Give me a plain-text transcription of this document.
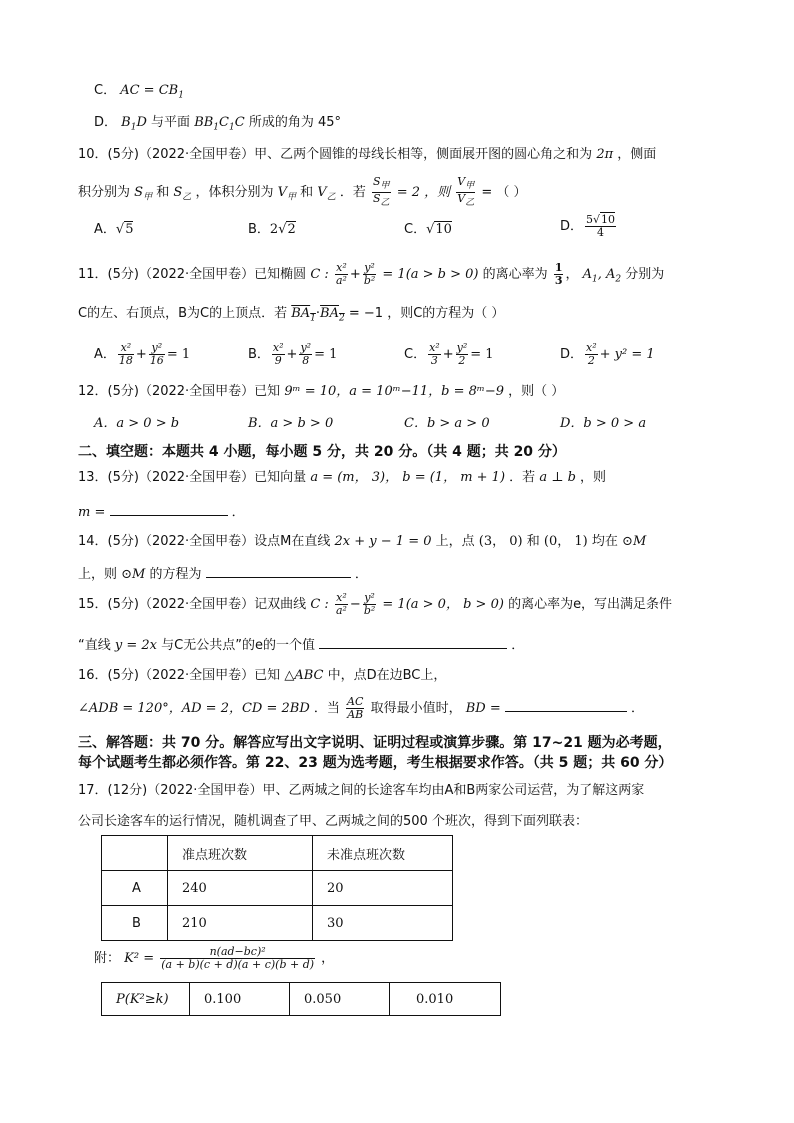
C． AC = $CB_1$
D． $B_1D$ 与平面 $BB_1C_1C$ 所成的角为 45°
10．(5分)（2022·全国甲卷）甲、乙两个圆锥的母线长相等，侧面展开图的圆心角之和为 2π ，侧面
积分别为 $S_甲$ 和 $S_乙$ ，体积分别为 $V_甲$ 和 $V_乙$ ．若 $\frac{S_甲}{S_乙} = 2$ ，则 $\frac{V_甲}{V_乙}$ = （ ）
A．√5	B．2√2	C．√10	D． $\frac{5√10}{4}$
11．(5分)（2022·全国甲卷）已知椭圆 C : $\frac{\text{x²}}{\text{a²}} + \frac{\text{y²}}{\text{b²}} = 1(a > b > 0)$ 的离心率为 $\frac{1}{3}$ ， $A_1$, $A_2$ 分别为
C的左、右顶点，B为C的上顶点．若 $BA_1\cdot BA_2 = -1$ ，则C的方程为（ ）
A． $\frac{\text{x²}}{18} + \frac{\text{y²}}{16} = 1$	B． $\frac{\text{x²}}{9} + \frac{\text{y²}}{8} = 1$	C． $\frac{\text{x²}}{3} + \frac{\text{y²}}{2} = 1$	D． $\frac{\text{x²}}{2} + y^2 = 1$
12．(5分)（2022·全国甲卷）已知 9ᵐ = 10，a = 10ᵐ−11，b = 8ᵐ−9 ，则（ ）
A．a > 0 > b	B．a > b > 0	C．b > a > 0	D．b > 0 > a
二、填空题：本题共 4 小题，每小题 5 分，共 20 分。（共 4 题；共 20 分）
13．(5分)（2022·全国甲卷）已知向量 a = (m， 3)， b = (1， m + 1) ．若 a ⊥ b ，则
m =	．
14．(5分)（2022·全国甲卷）设点M在直线 2x + y − 1 = 0 上，点 (3， 0) 和 (0， 1) 均在 ⊙M
上，则 ⊙M 的方程为	．
15．(5分)（2022·全国甲卷）记双曲线 C : $\frac{\text{x²}}{\text{a²}} - \frac{\text{y²}}{\text{b²}} = 1(a > 0$， b > 0) 的离心率为e，写出满足条件
“直线 y = 2x 与C无公共点”的e的一个值	．
16．(5分)（2022·全国甲卷）已知 △ABC 中，点D在边BC上，
∠ADB = 120°，AD = 2，CD = 2BD ．当 $\frac{AC}{AB}$ 取得最小值时， BD =	．
三、解答题：共 70 分。解答应写出文字说明、证明过程或演算步骤。第 17~21 题为必考题，
每个试题考生都必须作答。第 22、23 题为选考题，考生根据要求作答。（共 5 题；共 60 分）
17．(12分)（2022·全国甲卷）甲、乙两城之间的长途客车均由A和B两家公司运营，为了解这两家
公司长途客车的运行情况，随机调查了甲、乙两城之间的500 个班次，得到下面列联表：
	准点班次数	未准点班次数
A	240	20
B	210	30
附： $K^2 = \frac{\text{n(ad−bc)²}}{(a + b)(c + d)(a + c)(b + d)}$ ，
P(K²≥k)	0.100	0.050	0.010
